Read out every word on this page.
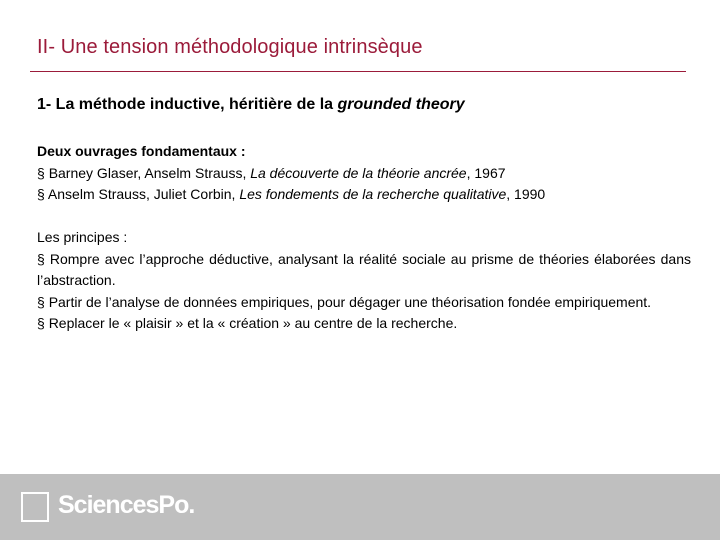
II- Une tension méthodologique intrinsèque
1- La méthode inductive, héritière de la grounded theory
Deux ouvrages fondamentaux :
§ Barney Glaser, Anselm Strauss, La découverte de la théorie ancrée, 1967
§ Anselm Strauss, Juliet Corbin, Les fondements de la recherche qualitative, 1990
Les principes :
§ Rompre avec l’approche déductive, analysant la réalité sociale au prisme de théories élaborées dans l’abstraction.
§ Partir de l’analyse de données empiriques, pour dégager une théorisation fondée empiriquement.
§ Replacer le « plaisir » et la « création » au centre de la recherche.
SciencesPo.
